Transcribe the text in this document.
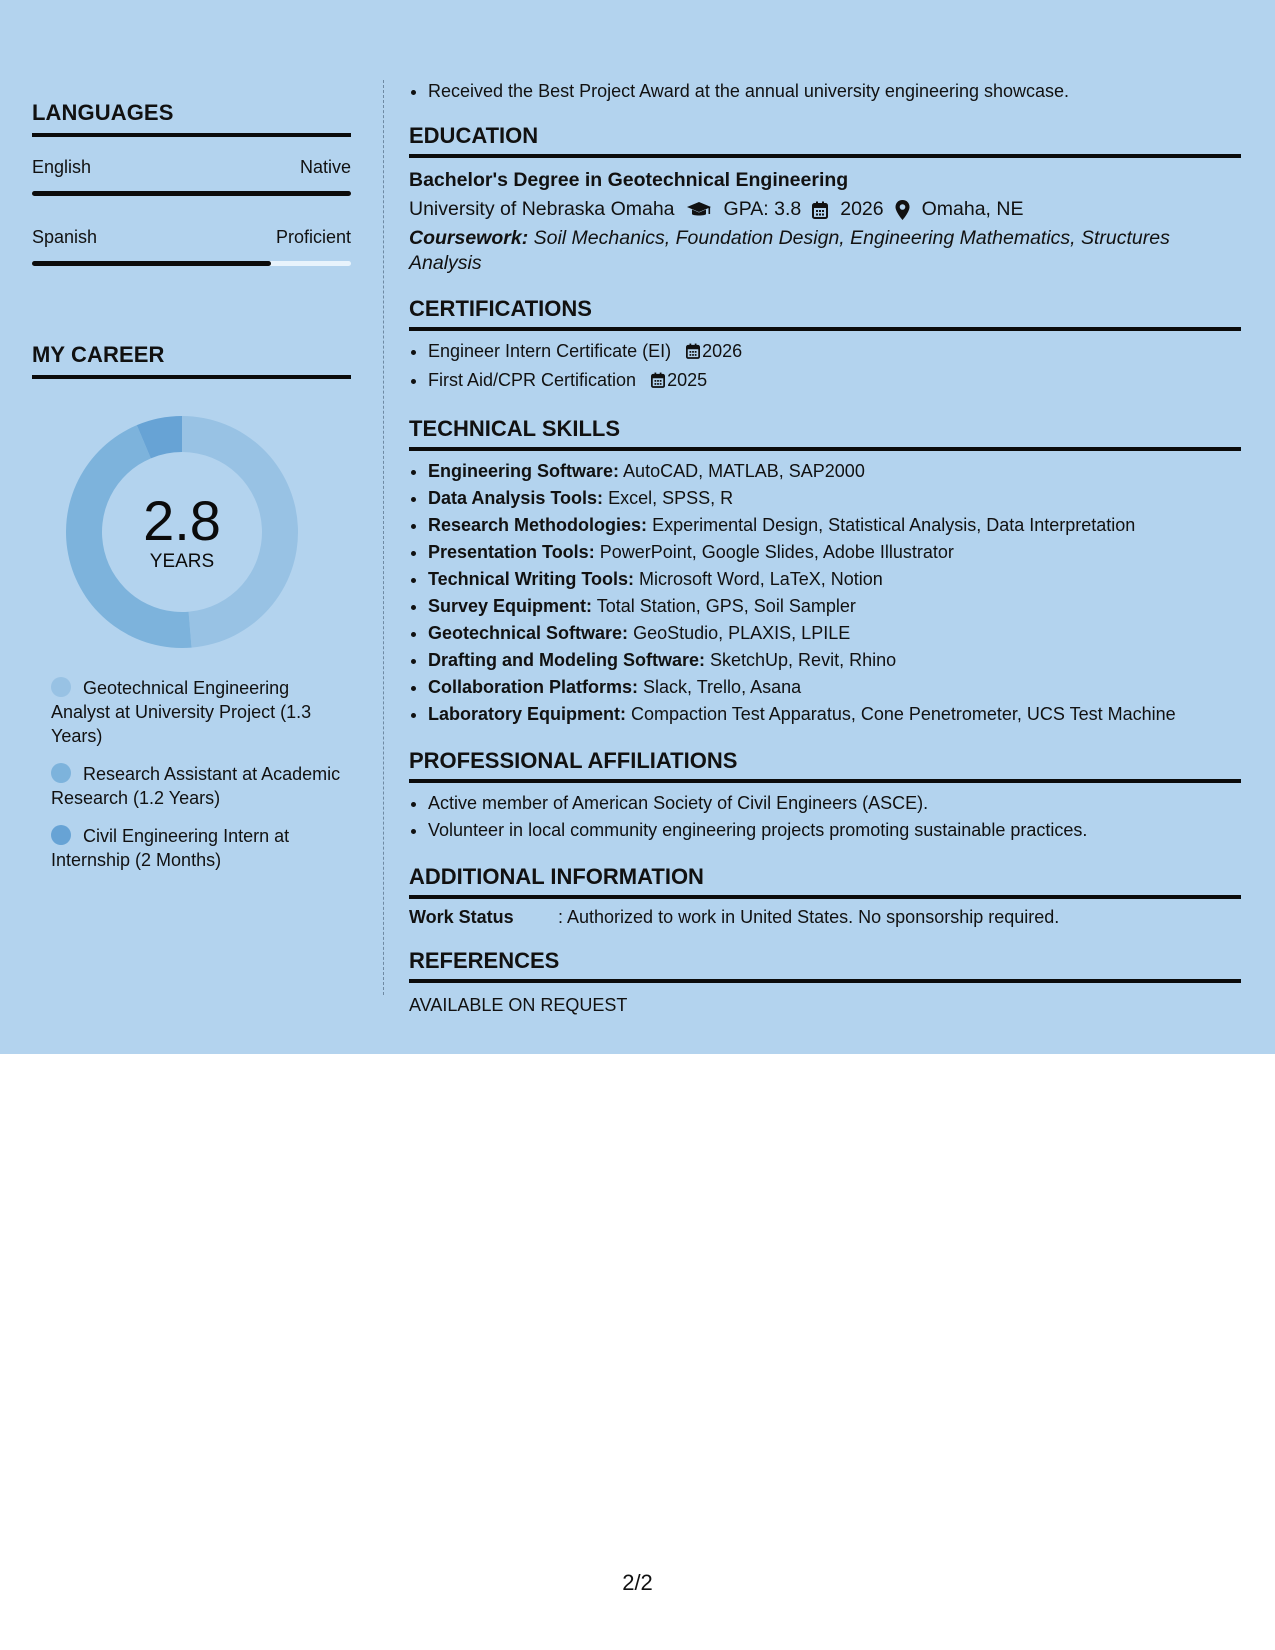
LANGUAGES
English	Native
Spanish	Proficient
MY CAREER
2.8
YEARS
Geotechnical Engineering Analyst at University Project (1.3 Years)
Research Assistant at Academic Research (1.2 Years)
Civil Engineering Intern at Internship (2 Months)
• Received the Best Project Award at the annual university engineering showcase.
EDUCATION
Bachelor's Degree in Geotechnical Engineering
University of Nebraska Omaha	GPA: 3.8 2026 Omaha, NE
Coursework: Soil Mechanics, Foundation Design, Engineering Mathematics, Structures Analysis
CERTIFICATIONS
• Engineer Intern Certificate (EI) 2026
• First Aid/CPR Certification 2025
TECHNICAL SKILLS
• Engineering Software: AutoCAD, MATLAB, SAP2000
• Data Analysis Tools: Excel, SPSS, R
• Research Methodologies: Experimental Design, Statistical Analysis, Data Interpretation
• Presentation Tools: PowerPoint, Google Slides, Adobe Illustrator
• Technical Writing Tools: Microsoft Word, LaTeX, Notion
• Survey Equipment: Total Station, GPS, Soil Sampler
• Geotechnical Software: GeoStudio, PLAXIS, LPILE
• Drafting and Modeling Software: SketchUp, Revit, Rhino
• Collaboration Platforms: Slack, Trello, Asana
• Laboratory Equipment: Compaction Test Apparatus, Cone Penetrometer, UCS Test Machine
PROFESSIONAL AFFILIATIONS
• Active member of American Society of Civil Engineers (ASCE).
• Volunteer in local community engineering projects promoting sustainable practices.
ADDITIONAL INFORMATION
Work Status	: Authorized to work in United States. No sponsorship required.
REFERENCES
AVAILABLE ON REQUEST
2/2
